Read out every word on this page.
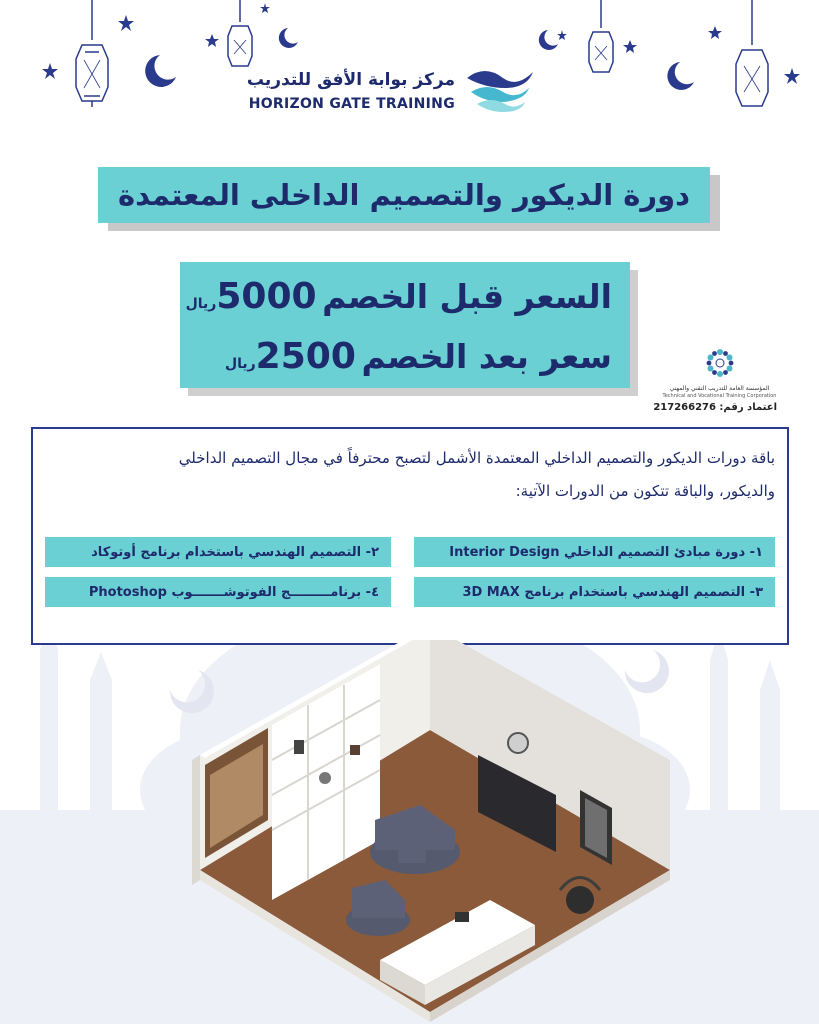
مركز بوابة الأفق للتدريب
HORIZON GATE TRAINING
دورة الديكور والتصميم الداخلى المعتمدة
السعر قبل الخصم 5000ريال
سعر بعد الخصم 2500ريال
المؤسسة العامة للتدريب التقني والمهني
Technical and Vocational Training Corporation
اعتماد رقم: 217266276
باقة دورات الديكور والتصميم الداخلي المعتمدة الأشمل لتصبح محترفاً في مجال التصميم الداخلي
والديكور، والباقة تتكون من الدورات الآتية:
١- دورة مبادئ التصميم الداخلي Interior Design
٢- التصميم الهندسي باستخدام برنامج أوتوكاد
٣- التصميم الهندسي باستخدام برنامج 3D MAX
٤- برنامـــــــــج الفوتوشـــــــوب Photoshop
